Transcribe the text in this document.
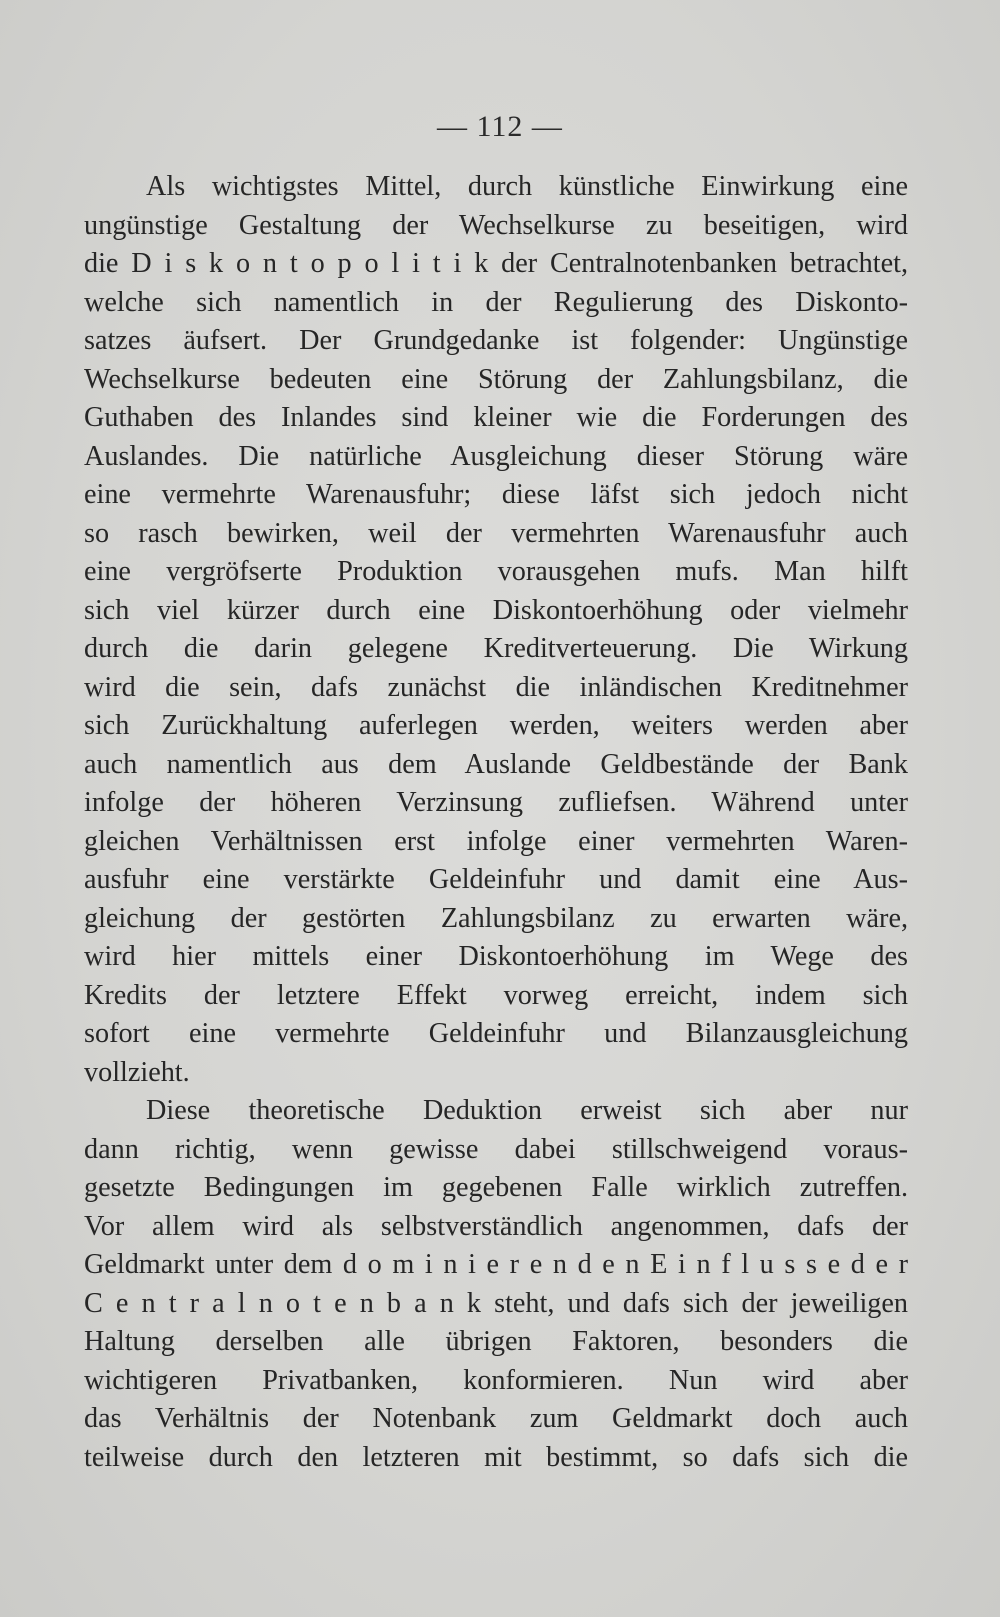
— 112 —
Als wichtigstes Mittel, durch künstliche Einwirkung eine
ungünstige Gestaltung der Wechselkurse zu beseitigen, wird
die D i s k o n t o p o l i t i k der Centralnotenbanken betrachtet,
welche sich namentlich in der Regulierung des Diskonto-
satzes äufsert. Der Grundgedanke ist folgender: Ungünstige
Wechselkurse bedeuten eine Störung der Zahlungsbilanz, die
Guthaben des Inlandes sind kleiner wie die Forderungen des
Auslandes. Die natürliche Ausgleichung dieser Störung wäre
eine vermehrte Warenausfuhr; diese läfst sich jedoch nicht
so rasch bewirken, weil der vermehrten Warenausfuhr auch
eine vergröfserte Produktion vorausgehen mufs. Man hilft
sich viel kürzer durch eine Diskontoerhöhung oder vielmehr
durch die darin gelegene Kreditverteuerung. Die Wirkung
wird die sein, dafs zunächst die inländischen Kreditnehmer
sich Zurückhaltung auferlegen werden, weiters werden aber
auch namentlich aus dem Auslande Geldbestände der Bank
infolge der höheren Verzinsung zufliefsen. Während unter
gleichen Verhältnissen erst infolge einer vermehrten Waren-
ausfuhr eine verstärkte Geldeinfuhr und damit eine Aus-
gleichung der gestörten Zahlungsbilanz zu erwarten wäre,
wird hier mittels einer Diskontoerhöhung im Wege des
Kredits der letztere Effekt vorweg erreicht, indem sich
sofort eine vermehrte Geldeinfuhr und Bilanzausgleichung
vollzieht.
Diese theoretische Deduktion erweist sich aber nur
dann richtig, wenn gewisse dabei stillschweigend voraus-
gesetzte Bedingungen im gegebenen Falle wirklich zutreffen.
Vor allem wird als selbstverständlich angenommen, dafs der
Geldmarkt unter dem d o m i n i e r e n d e n E i n f l u s s e d e r
C e n t r a l n o t e n b a n k steht, und dafs sich der jeweiligen
Haltung derselben alle übrigen Faktoren, besonders die
wichtigeren Privatbanken, konformieren. Nun wird aber
das Verhältnis der Notenbank zum Geldmarkt doch auch
teilweise durch den letzteren mit bestimmt, so dafs sich die
